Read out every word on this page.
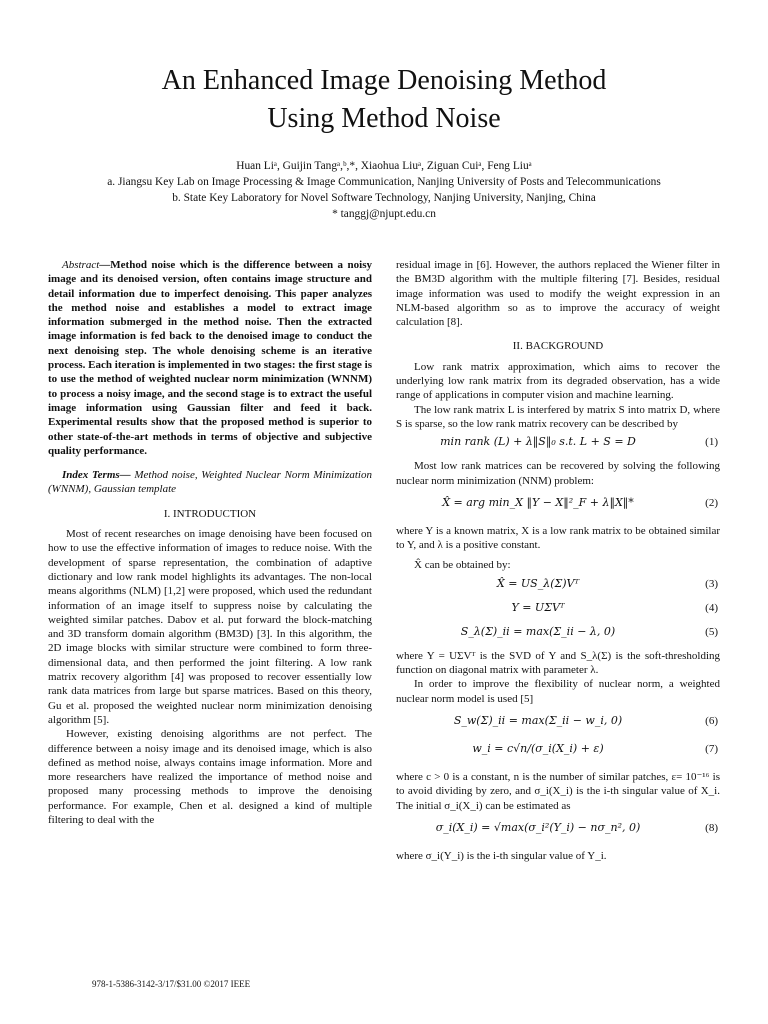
An Enhanced Image Denoising Method
Using Method Noise
Huan Liᵃ, Guijin Tangᵃ,ᵇ,*, Xiaohua Liuᵃ, Ziguan Cuiᵃ, Feng Liuᵃ
a. Jiangsu Key Lab on Image Processing & Image Communication, Nanjing University of Posts and Telecommunications
b. State Key Laboratory for Novel Software Technology, Nanjing University, Nanjing, China
* tanggj@njupt.edu.cn

Abstract—Method noise which is the difference between a noisy image and its denoised version, often contains image structure and detail information due to imperfect denoising. This paper analyzes the method noise and establishes a model to extract image information submerged in the method noise. Then the extracted image information is fed back to the denoised image to conduct the next denoising step. The whole denoising scheme is an iterative process. Each iteration is implemented in two stages: the first stage is to use the method of weighted nuclear norm minimization (WNNM) to process a noisy image, and the second stage is to extract the useful image information using Gaussian filter and feed it back. Experimental results show that the proposed method is superior to other state-of-the-art methods in terms of objective and subjective quality performance.

Index Terms— Method noise, Weighted Nuclear Norm Minimization (WNNM), Gaussian template

I. INTRODUCTION

Most of recent researches on image denoising have been focused on how to use the effective information of images to reduce noise. With the development of sparse representation, the combination of adaptive dictionary and low rank model highlights its advantages. The non-local means algorithms (NLM) [1,2] were proposed, which used the redundant information of an image itself to suppress noise by calculating the weighted similar patches. Dabov et al. put forward the block-matching and 3D transform domain algorithm (BM3D) [3]. In this algorithm, the 2D image blocks with similar structure were combined to form three-dimensional data, and then performed the joint filtering. A low rank matrix recovery algorithm [4] was proposed to recover essentially low rank data matrices from large but sparse matrices. Based on this theory, Gu et al. proposed the weighted nuclear norm minimization denoising algorithm [5].

However, existing denoising algorithms are not perfect. The difference between a noisy image and its denoised image, which is also defined as method noise, always contains image information. More and more researchers have realized the importance of method noise and proposed many processing methods to improve the denoising performance. For example, Chen et al. designed a kind of multiple filtering to deal with the

residual image in [6]. However, the authors replaced the Wiener filter in the BM3D algorithm with the multiple filtering [7]. Besides, residual image information was used to modify the weight expression in an NLM-based algorithm so as to improve the accuracy of weight calculation [8].

II. BACKGROUND

Low rank matrix approximation, which aims to recover the underlying low rank matrix from its degraded observation, has a wide range of applications in computer vision and machine learning.

The low rank matrix L is interfered by matrix S into matrix D, where S is sparse, so the low rank matrix recovery can be described by

min rank (L) + λ‖S‖₀ s.t. L + S = D	(1)

Most low rank matrices can be recovered by solving the following nuclear norm minimization (NNM) problem:

X̂ = arg min_X ‖Y − X‖²_F + λ‖X‖*	(2)

where Y is a known matrix, X is a low rank matrix to be obtained similar to Y, and λ is a positive constant.

X̂ can be obtained by:

X̂ = US_λ(Σ)Vᵀ	(3)
Y = UΣVᵀ	(4)
S_λ(Σ)_ii = max(Σ_ii − λ, 0)	(5)

where Y = UΣVᵀ is the SVD of Y and S_λ(Σ) is the soft-thresholding function on diagonal matrix with parameter λ.

In order to improve the flexibility of nuclear norm, a weighted nuclear norm model is used [5]

S_w(Σ)_ii = max(Σ_ii − w_i, 0)	(6)
w_i = c√n/(σ_i(X_i) + ε)	(7)

where c > 0 is a constant, n is the number of similar patches, ε= 10⁻¹⁶ is to avoid dividing by zero, and σ_i(X_i) is the i-th singular value of X_i. The initial σ_i(X_i) can be estimated as

σ_i(X_i) = √max(σ_i²(Y_i) − nσ_n², 0)	(8)

where σ_i(Y_i) is the i-th singular value of Y_i.

978-1-5386-3142-3/17/$31.00 ©2017 IEEE
